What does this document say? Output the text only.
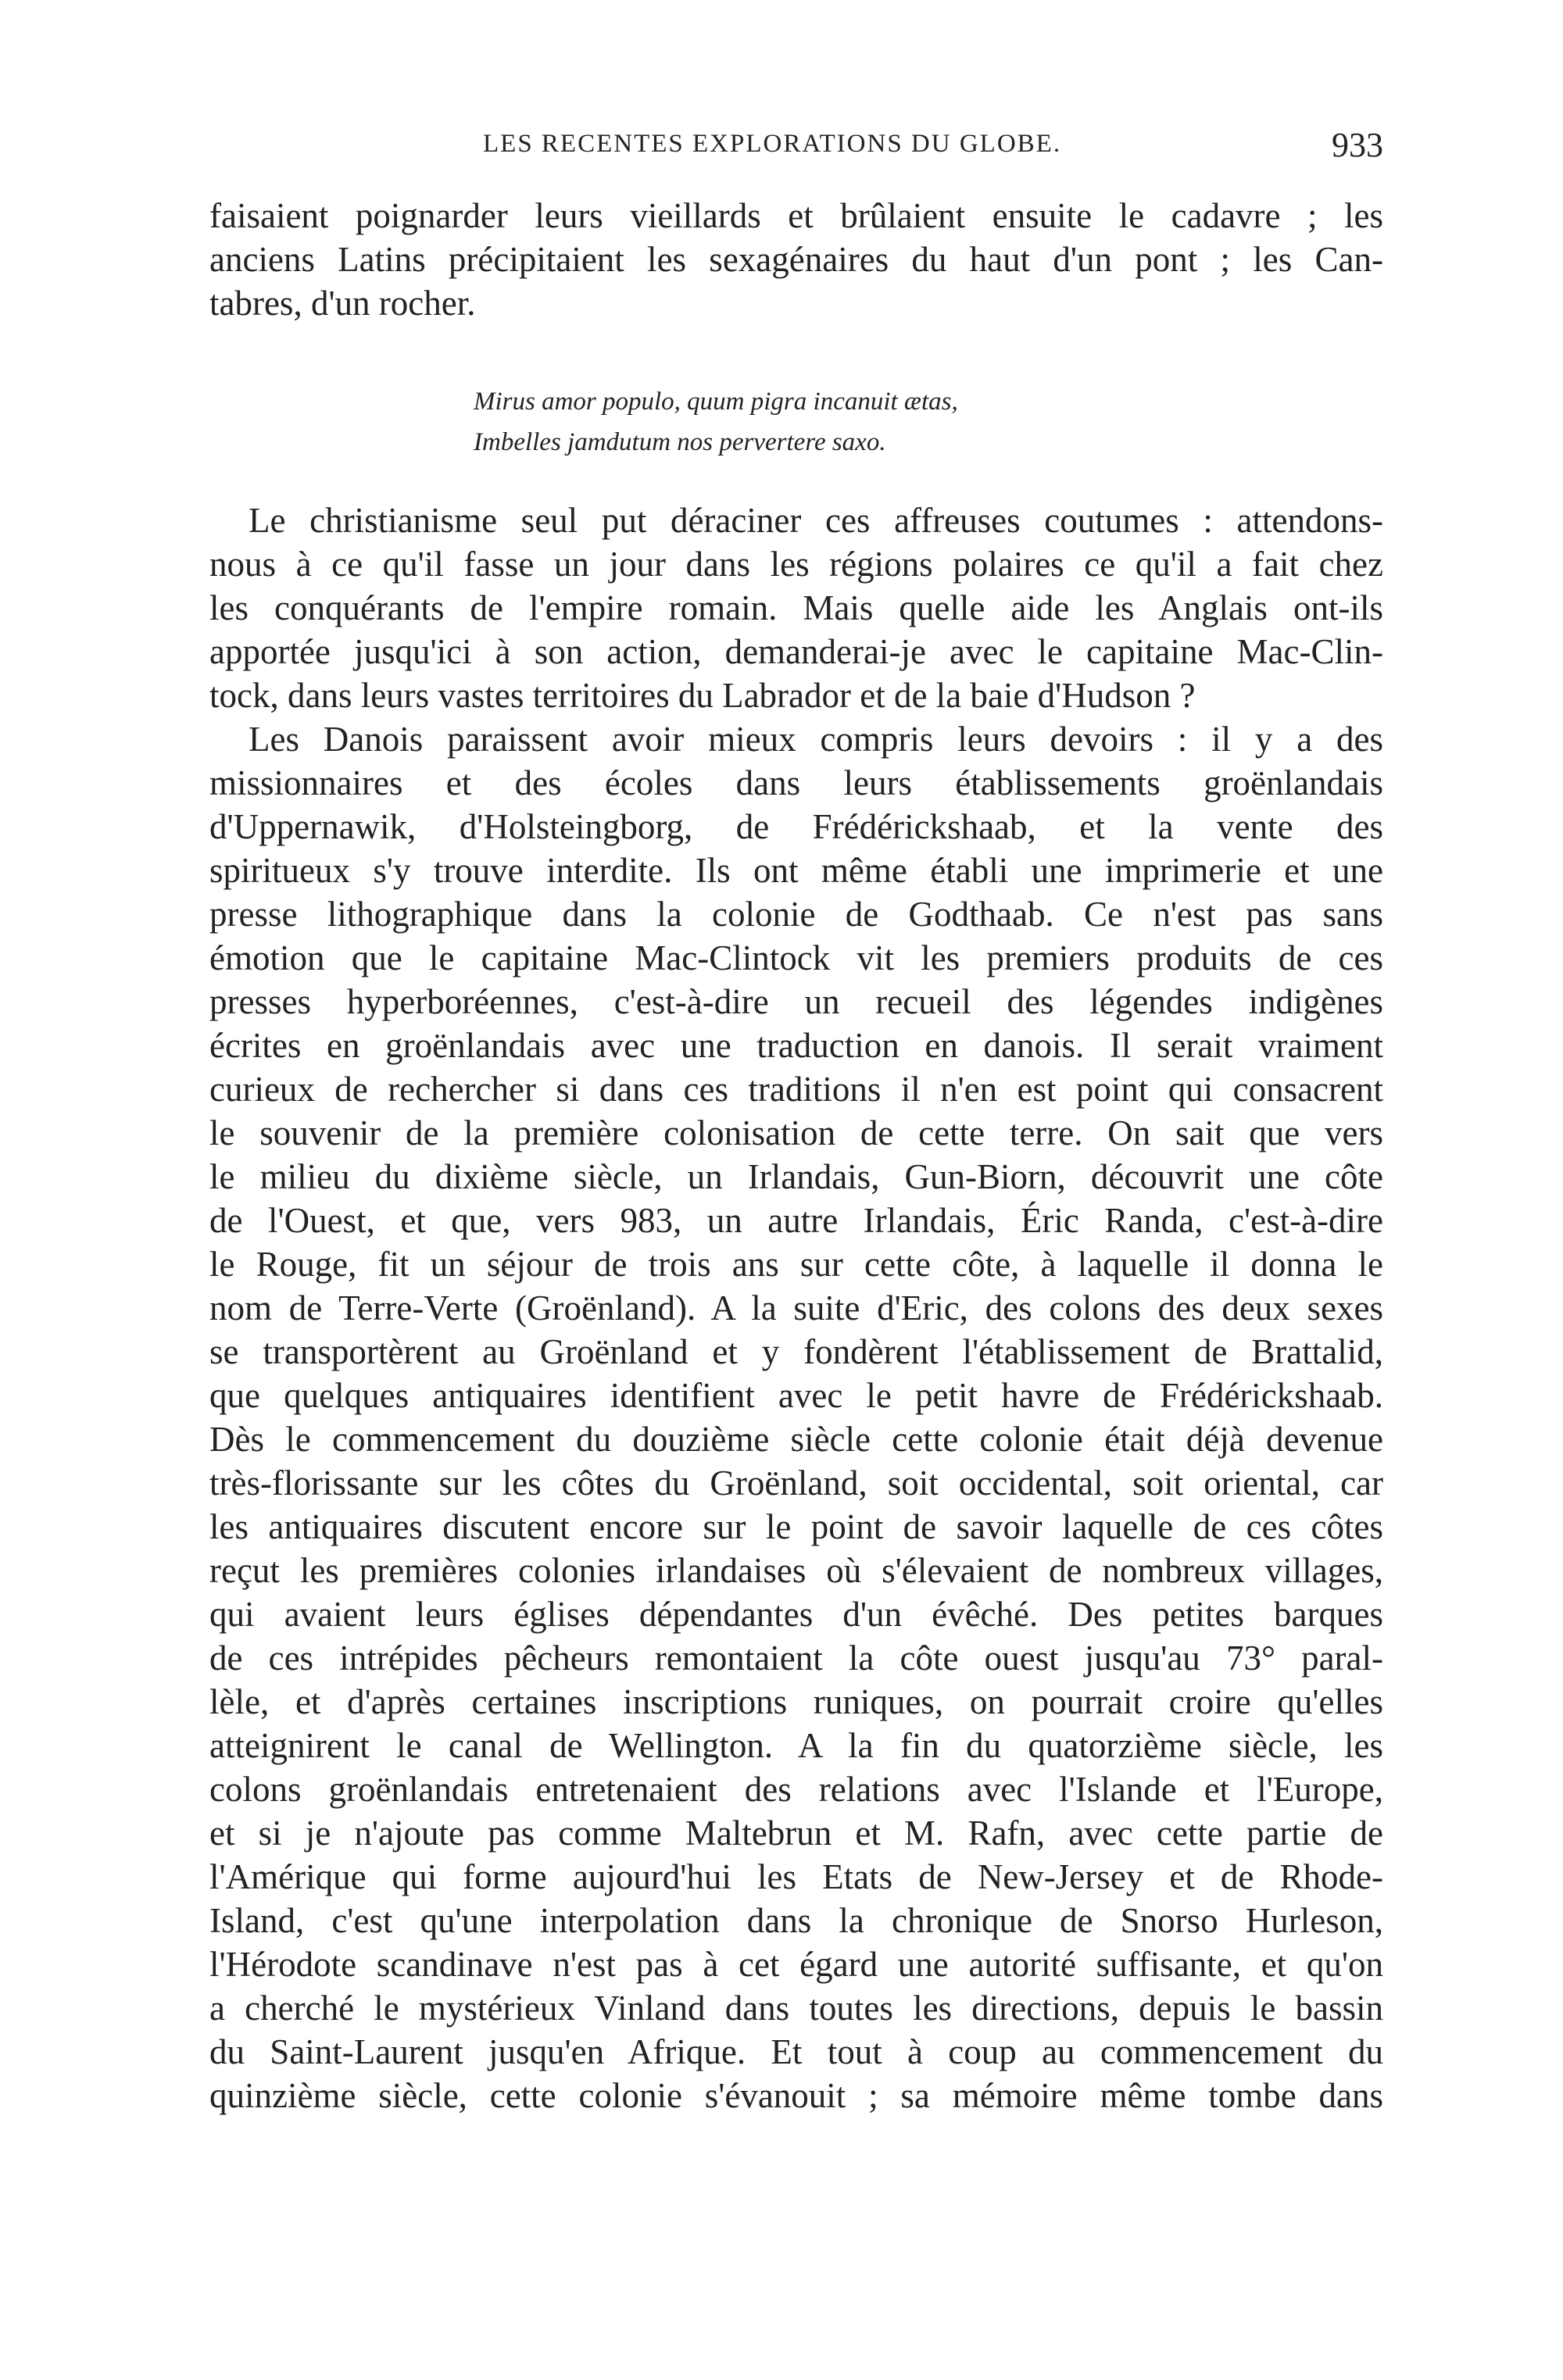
LES RECENTES EXPLORATIONS DU GLOBE.	933
faisaient poignarder leurs vieillards et brûlaient ensuite le cadavre ; les
anciens Latins précipitaient les sexagénaires du haut d'un pont ; les Can-
tabres, d'un rocher.
Mirus amor populo, quum pigra incanuit ætas,
Imbelles jamdutum nos pervertere saxo.
Le christianisme seul put déraciner ces affreuses coutumes : attendons-
nous à ce qu'il fasse un jour dans les régions polaires ce qu'il a fait chez
les conquérants de l'empire romain. Mais quelle aide les Anglais ont-ils
apportée jusqu'ici à son action, demanderai-je avec le capitaine Mac-Clin-
tock, dans leurs vastes territoires du Labrador et de la baie d'Hudson ?
Les Danois paraissent avoir mieux compris leurs devoirs : il y a des
missionnaires et des écoles dans leurs établissements groënlandais
d'Uppernawik, d'Holsteingborg, de Frédérickshaab, et la vente des
spiritueux s'y trouve interdite. Ils ont même établi une imprimerie et une
presse lithographique dans la colonie de Godthaab. Ce n'est pas sans
émotion que le capitaine Mac-Clintock vit les premiers produits de ces
presses hyperboréennes, c'est-à-dire un recueil des légendes indigènes
écrites en groënlandais avec une traduction en danois. Il serait vraiment
curieux de rechercher si dans ces traditions il n'en est point qui consacrent
le souvenir de la première colonisation de cette terre. On sait que vers
le milieu du dixième siècle, un Irlandais, Gun-Biorn, découvrit une côte
de l'Ouest, et que, vers 983, un autre Irlandais, Éric Randa, c'est-à-dire
le Rouge, fit un séjour de trois ans sur cette côte, à laquelle il donna le
nom de Terre-Verte (Groënland). A la suite d'Eric, des colons des deux sexes
se transportèrent au Groënland et y fondèrent l'établissement de Brattalid,
que quelques antiquaires identifient avec le petit havre de Frédérickshaab.
Dès le commencement du douzième siècle cette colonie était déjà devenue
très-florissante sur les côtes du Groënland, soit occidental, soit oriental, car
les antiquaires discutent encore sur le point de savoir laquelle de ces côtes
reçut les premières colonies irlandaises où s'élevaient de nombreux villages,
qui avaient leurs églises dépendantes d'un évêché. Des petites barques
de ces intrépides pêcheurs remontaient la côte ouest jusqu'au 73° paral-
lèle, et d'après certaines inscriptions runiques, on pourrait croire qu'elles
atteignirent le canal de Wellington. A la fin du quatorzième siècle, les
colons groënlandais entretenaient des relations avec l'Islande et l'Europe,
et si je n'ajoute pas comme Maltebrun et M. Rafn, avec cette partie de
l'Amérique qui forme aujourd'hui les Etats de New-Jersey et de Rhode-
Island, c'est qu'une interpolation dans la chronique de Snorso Hurleson,
l'Hérodote scandinave n'est pas à cet égard une autorité suffisante, et qu'on
a cherché le mystérieux Vinland dans toutes les directions, depuis le bassin
du Saint-Laurent jusqu'en Afrique. Et tout à coup au commencement du
quinzième siècle, cette colonie s'évanouit ; sa mémoire même tombe dans
